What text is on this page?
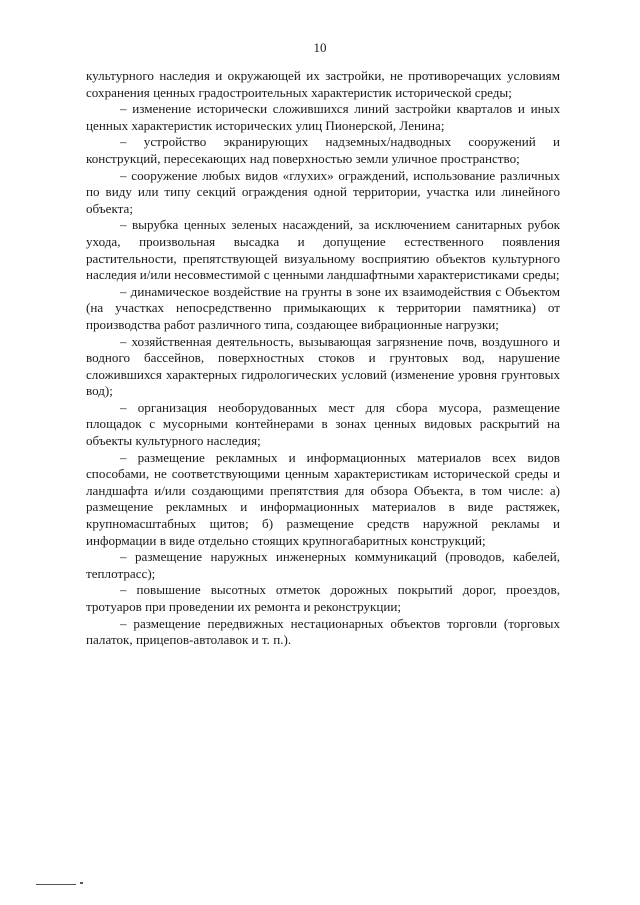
10

культурного наследия и окружающей их застройки, не противоречащих условиям сохранения ценных градостроительных характеристик исторической среды;

– изменение исторически сложившихся линий застройки кварталов и иных ценных характеристик исторических улиц Пионерской, Ленина;

– устройство экранирующих надземных/надводных сооружений и конструкций, пересекающих над поверхностью земли уличное пространство;

– сооружение любых видов «глухих» ограждений, использование различных по виду или типу секций ограждения одной территории, участка или линейного объекта;

– вырубка ценных зеленых насаждений, за исключением санитарных рубок ухода, произвольная высадка и допущение естественного появления растительности, препятствующей визуальному восприятию объектов культурного наследия и/или несовместимой с ценными ландшафтными характеристиками среды;

– динамическое воздействие на грунты в зоне их взаимодействия с Объектом (на участках непосредственно примыкающих к территории памятника) от производства работ различного типа, создающее вибрационные нагрузки;

– хозяйственная деятельность, вызывающая загрязнение почв, воздушного и водного бассейнов, поверхностных стоков и грунтовых вод, нарушение сложившихся характерных гидрологических условий (изменение уровня грунтовых вод);

– организация необорудованных мест для сбора мусора, размещение площадок с мусорными контейнерами в зонах ценных видовых раскрытий на объекты культурного наследия;

– размещение рекламных и информационных материалов всех видов способами, не соответствующими ценным характеристикам исторической среды и ландшафта и/или создающими препятствия для обзора Объекта, в том числе: а) размещение рекламных и информационных материалов в виде растяжек, крупномасштабных щитов; б) размещение средств наружной рекламы и информации в виде отдельно стоящих крупногабаритных конструкций;

– размещение наружных инженерных коммуникаций (проводов, кабелей, теплотрасс);

– повышение высотных отметок дорожных покрытий дорог, проездов, тротуаров при проведении их ремонта и реконструкции;

– размещение передвижных нестационарных объектов торговли (торговых палаток, прицепов-автолавок и т. п.).
